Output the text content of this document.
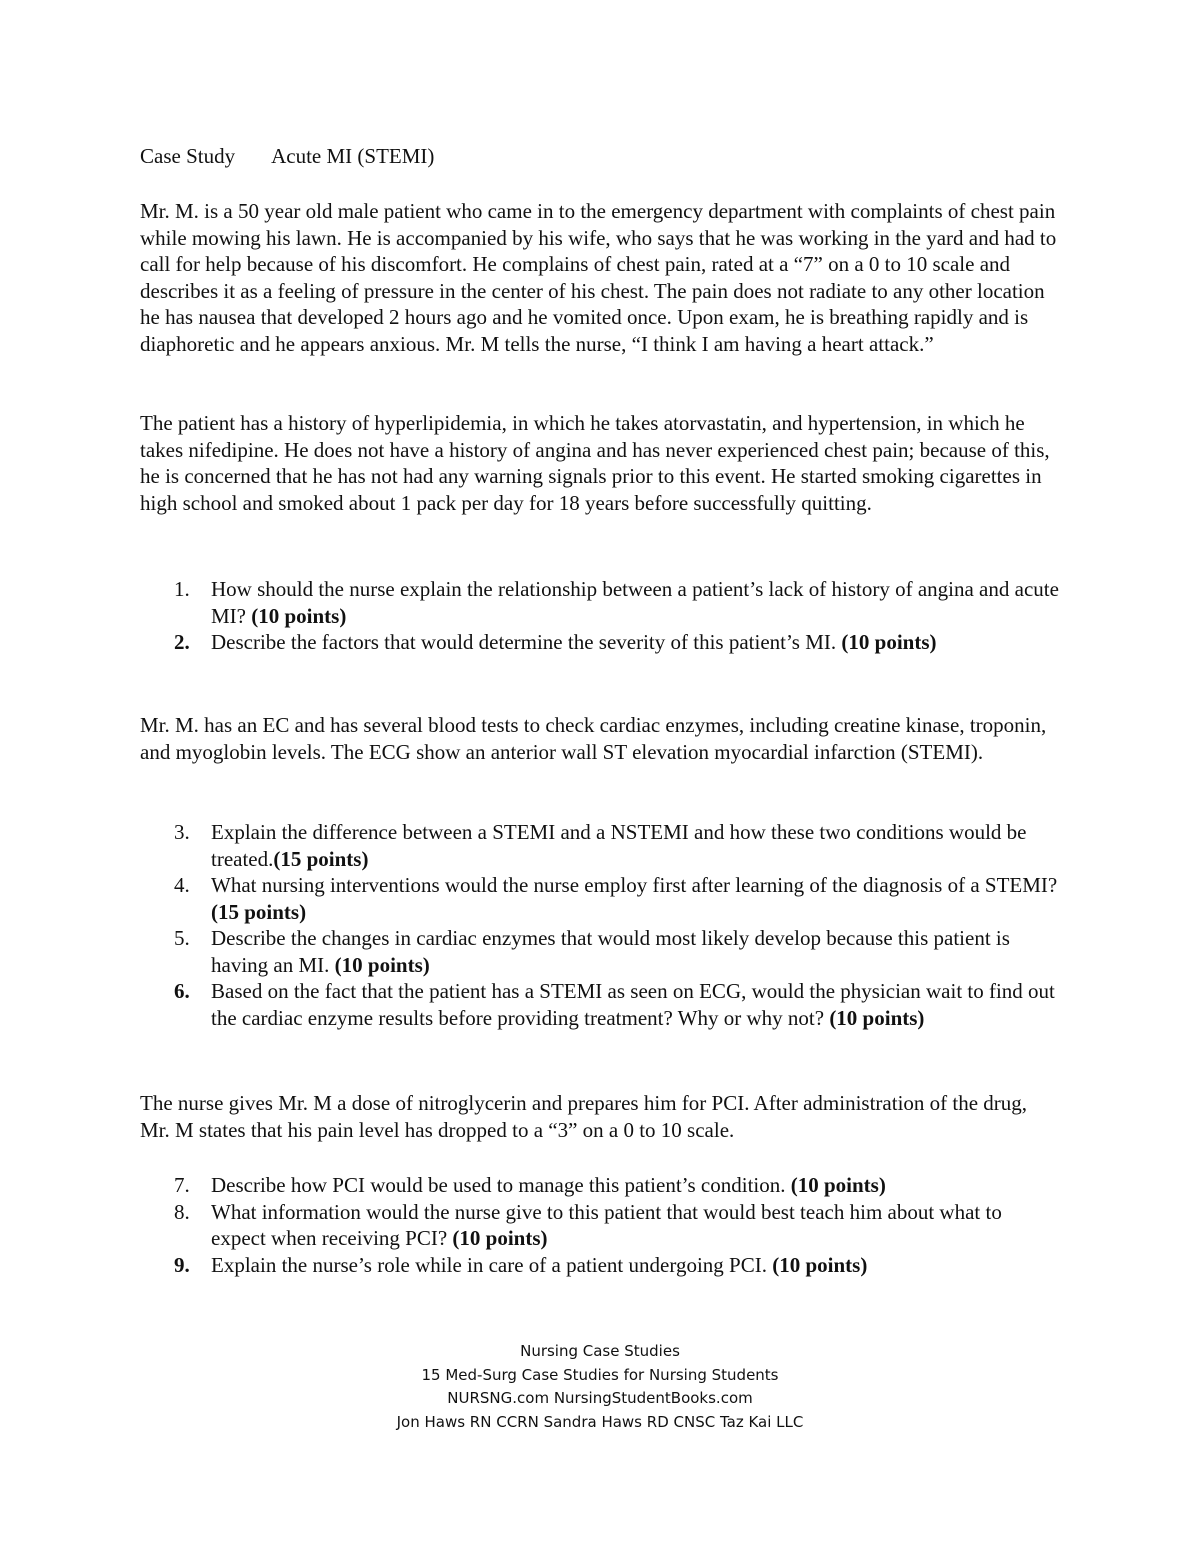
Case Study Acute MI (STEMI)

Mr. M. is a 50 year old male patient who came in to the emergency department with complaints of chest pain while mowing his lawn. He is accompanied by his wife, who says that he was working in the yard and had to call for help because of his discomfort. He complains of chest pain, rated at a “7” on a 0 to 10 scale and describes it as a feeling of pressure in the center of his chest. The pain does not radiate to any other location he has nausea that developed 2 hours ago and he vomited once. Upon exam, he is breathing rapidly and is diaphoretic and he appears anxious. Mr. M tells the nurse, “I think I am having a heart attack.”

The patient has a history of hyperlipidemia, in which he takes atorvastatin, and hypertension, in which he takes nifedipine. He does not have a history of angina and has never experienced chest pain; because of this, he is concerned that he has not had any warning signals prior to this event. He started smoking cigarettes in high school and smoked about 1 pack per day for 18 years before successfully quitting.

1.	How should the nurse explain the relationship between a patient’s lack of history of angina and acute MI? (10 points)
2.	Describe the factors that would determine the severity of this patient’s MI. (10 points)

Mr. M. has an EC and has several blood tests to check cardiac enzymes, including creatine kinase, troponin, and myoglobin levels. The ECG show an anterior wall ST elevation myocardial infarction (STEMI).

3.	Explain the difference between a STEMI and a NSTEMI and how these two conditions would be treated.(15 points)
4.	What nursing interventions would the nurse employ first after learning of the diagnosis of a STEMI? (15 points)
5.	Describe the changes in cardiac enzymes that would most likely develop because this patient is having an MI. (10 points)
6.	Based on the fact that the patient has a STEMI as seen on ECG, would the physician wait to find out the cardiac enzyme results before providing treatment? Why or why not? (10 points)

The nurse gives Mr. M a dose of nitroglycerin and prepares him for PCI. After administration of the drug, Mr. M states that his pain level has dropped to a “3” on a 0 to 10 scale.

7.	Describe how PCI would be used to manage this patient’s condition. (10 points)
8.	What information would the nurse give to this patient that would best teach him about what to expect when receiving PCI? (10 points)
9.	Explain the nurse’s role while in care of a patient undergoing PCI. (10 points)
Nursing Case Studies
15 Med-Surg Case Studies for Nursing Students
NURSNG.com NursingStudentBooks.com
Jon Haws RN CCRN Sandra Haws RD CNSC Taz Kai LLC
